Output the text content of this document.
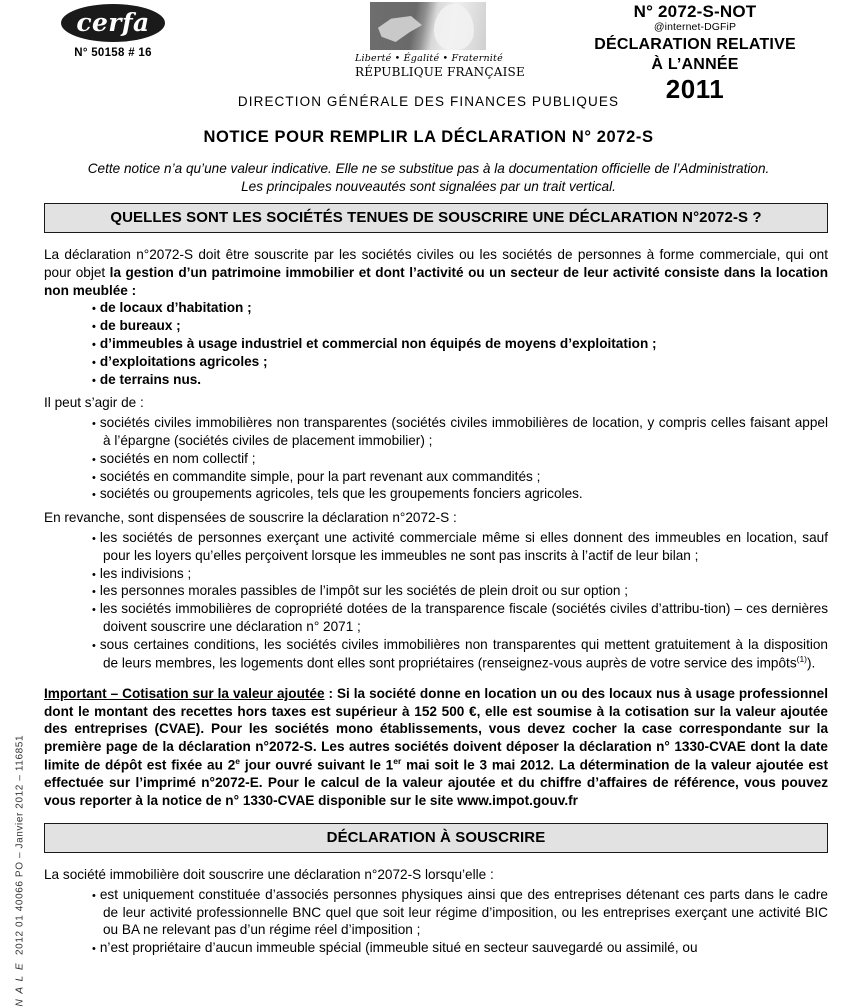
cerfa
N° 50158 # 16	Liberté • Égalité • Fraternité
RÉPUBLIQUE FRANÇAISE
N° 2072-S-NOT
@internet-DGFiP
DÉCLARATION RELATIVE
À L’ANNÉE
2011
DIRECTION GÉNÉRALE DES FINANCES PUBLIQUES
NOTICE POUR REMPLIR LA DÉCLARATION N° 2072-S
Cette notice n’a qu’une valeur indicative. Elle ne se substitue pas à la documentation officielle de l’Administration. Les principales nouveautés sont signalées par un trait vertical.
QUELLES SONT LES SOCIÉTÉS TENUES DE SOUSCRIRE UNE DÉCLARATION N°2072-S ?

La déclaration n°2072-S doit être souscrite par les sociétés civiles ou les sociétés de personnes à forme commerciale, qui ont pour objet la gestion d’un patrimoine immobilier et dont l’activité ou un secteur de leur activité consiste dans la location non meublée :

• de locaux d’habitation ;
• de bureaux ;
• d’immeubles à usage industriel et commercial non équipés de moyens d’exploitation ;
• d’exploitations agricoles ;
• de terrains nus.

Il peut s’agir de :

• sociétés civiles immobilières non transparentes (sociétés civiles immobilières de location, y compris celles faisant appel à l’épargne (sociétés civiles de placement immobilier) ;
• sociétés en nom collectif ;
• sociétés en commandite simple, pour la part revenant aux commandités ;
• sociétés ou groupements agricoles, tels que les groupements fonciers agricoles.

En revanche, sont dispensées de souscrire la déclaration n°2072-S :

• les sociétés de personnes exerçant une activité commerciale même si elles donnent des immeubles en location, sauf pour les loyers qu’elles perçoivent lorsque les immeubles ne sont pas inscrits à l’actif de leur bilan ;
• les indivisions ;
• les personnes morales passibles de l’impôt sur les sociétés de plein droit ou sur option ;
• les sociétés immobilières de copropriété dotées de la transparence fiscale (sociétés civiles d’attribu-tion) – ces dernières doivent souscrire une déclaration n° 2071 ;
• sous certaines conditions, les sociétés civiles immobilières non transparentes qui mettent gratuitement à la disposition de leurs membres, les logements dont elles sont propriétaires (renseignez-vous auprès de votre service des impôts$^{(1)}$).

Important – Cotisation sur la valeur ajoutée : Si la société donne en location un ou des locaux nus à usage professionnel dont le montant des recettes hors taxes est supérieur à 152 500 €, elle est soumise à la cotisation sur la valeur ajoutée des entreprises (CVAE). Pour les sociétés mono établissements, vous devez cocher la case correspondante sur la première page de la déclaration n°2072-S. Les autres sociétés doivent déposer la déclaration n° 1330-CVAE dont la date limite de dépôt est fixée au 2e jour ouvré suivant le 1er mai soit le 3 mai 2012. La détermination de la valeur ajoutée est effectuée sur l’imprimé n°2072-E. Pour le calcul de la valeur ajoutée et du chiffre d’affaires de référence, vous pouvez vous reporter à la notice de n° 1330-CVAE disponible sur le site www.impot.gouv.fr

DÉCLARATION À SOUSCRIRE

La société immobilière doit souscrire une déclaration n°2072-S lorsqu’elle :

• est uniquement constituée d’associés personnes physiques ainsi que des entreprises détenant ces parts dans le cadre de leur activité professionnelle BNC quel que soit leur régime d’imposition, ou les entreprises exerçant une activité BIC ou BA ne relevant pas d’un régime réel d’imposition ;
• n’est propriétaire d’aucun immeuble spécial (immeuble situé en secteur sauvegardé ou assimilé, ou
N A L E  2012 01 40066 PO – Janvier 2012 – 116851
